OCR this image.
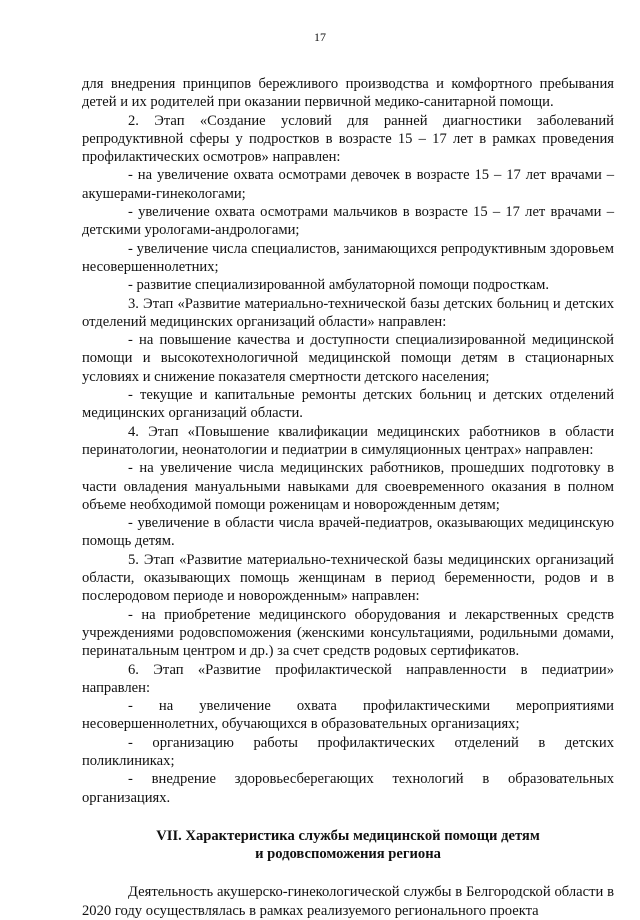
17

для внедрения принципов бережливого производства и комфортного пребывания детей и их родителей при оказании первичной медико-санитарной помощи.

2. Этап «Создание условий для ранней диагностики заболеваний репродуктивной сферы у подростков в возрасте 15 – 17 лет в рамках проведения профилактических осмотров» направлен:

- на увеличение охвата осмотрами девочек в возрасте 15 – 17 лет врачами – акушерами-гинекологами;

- увеличение охвата осмотрами мальчиков в возрасте 15 – 17 лет врачами – детскими урологами-андрологами;

- увеличение числа специалистов, занимающихся репродуктивным здоровьем несовершеннолетних;

- развитие специализированной амбулаторной помощи подросткам.

3. Этап «Развитие материально-технической базы детских больниц и детских отделений медицинских организаций области» направлен:

- на повышение качества и доступности специализированной медицинской помощи и высокотехнологичной медицинской помощи детям в стационарных условиях и снижение показателя смертности детского населения;

- текущие и капитальные ремонты детских больниц и детских отделений медицинских организаций области.

4. Этап «Повышение квалификации медицинских работников в области перинатологии, неонатологии и педиатрии в симуляционных центрах» направлен:

- на увеличение числа медицинских работников, прошедших подготовку в части овладения мануальными навыками для своевременного оказания в полном объеме необходимой помощи роженицам и новорожденным детям;

- увеличение в области числа врачей-педиатров, оказывающих медицинскую помощь детям.

5. Этап «Развитие материально-технической базы медицинских организаций области, оказывающих помощь женщинам в период беременности, родов и в послеродовом периоде и новорожденным» направлен:

- на приобретение медицинского оборудования и лекарственных средств учреждениями родовспоможения (женскими консультациями, родильными домами, перинатальным центром и др.) за счет средств родовых сертификатов.

6. Этап «Развитие профилактической направленности в педиатрии» направлен:

- на увеличение охвата профилактическими мероприятиями несовершеннолетних, обучающихся в образовательных организациях;

- организацию работы профилактических отделений в детских поликлиниках;

- внедрение здоровьесберегающих технологий в образовательных организациях.

VII. Характеристика службы медицинской помощи детям
и родовспоможения региона

Деятельность акушерско-гинекологической службы в Белгородской области в 2020 году осуществлялась в рамках реализуемого регионального проекта
